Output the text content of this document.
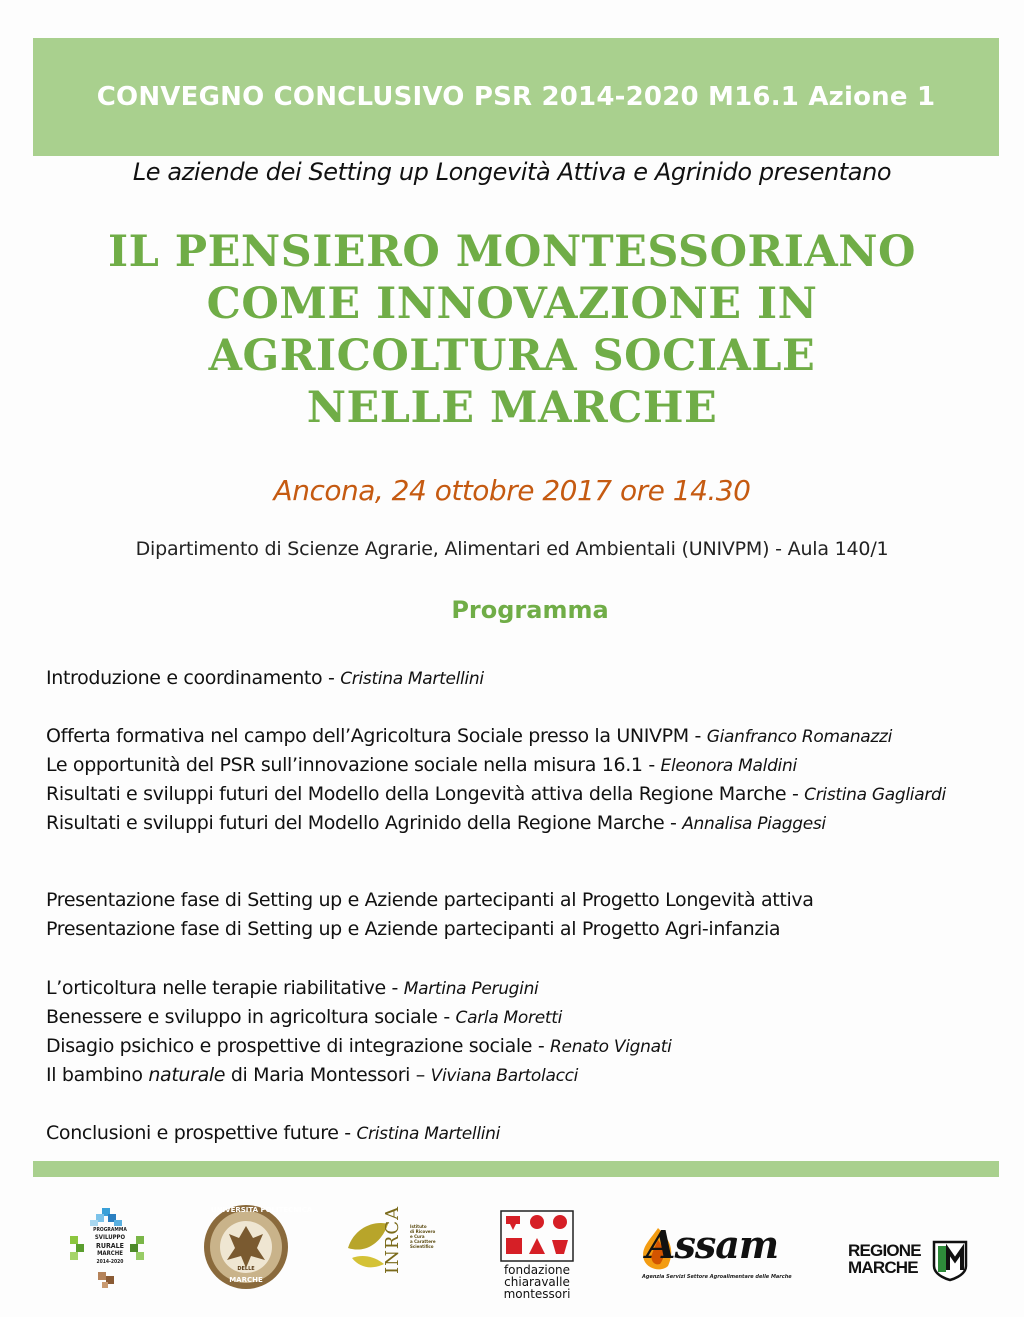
CONVEGNO CONCLUSIVO PSR 2014-2020 M16.1 Azione 1
Le aziende dei Setting up Longevità Attiva e Agrinido presentano
IL PENSIERO MONTESSORIANO
COME INNOVAZIONE IN
AGRICOLTURA SOCIALE
NELLE MARCHE
Ancona, 24 ottobre 2017 ore 14.30
Dipartimento di Scienze Agrarie, Alimentari ed Ambientali (UNIVPM) - Aula 140/1
Programma
Introduzione e coordinamento - Cristina Martellini
Offerta formativa nel campo dell’Agricoltura Sociale presso la UNIVPM - Gianfranco Romanazzi
Le opportunità del PSR sull’innovazione sociale nella misura 16.1 - Eleonora Maldini
Risultati e sviluppi futuri del Modello della Longevità attiva della Regione Marche - Cristina Gagliardi
Risultati e sviluppi futuri del Modello Agrinido della Regione Marche - Annalisa Piaggesi
Presentazione fase di Setting up e Aziende partecipanti al Progetto Longevità attiva
Presentazione fase di Setting up e Aziende partecipanti al Progetto Agri-infanzia
L’orticoltura nelle terapie riabilitative - Martina Perugini
Benessere e sviluppo in agricoltura sociale - Carla Moretti
Disagio psichico e prospettive di integrazione sociale - Renato Vignati
Il bambino naturale di Maria Montessori – Viviana Bartolacci
Conclusioni e prospettive future - Cristina Martellini
PROGRAMMA
SVILUPPO
RURALE
MARCHE
2014-2020
UNIVERSITÀ POLITECNICA
DELLE
MARCHE
INRCA Istituto
di Ricovero
e Cura
a Carattere
Scientifico
fondazione
chiaravalle
montessori
Assam
Agenzia Servizi Settore Agroalimentare delle Marche
REGIONE
MARCHE
